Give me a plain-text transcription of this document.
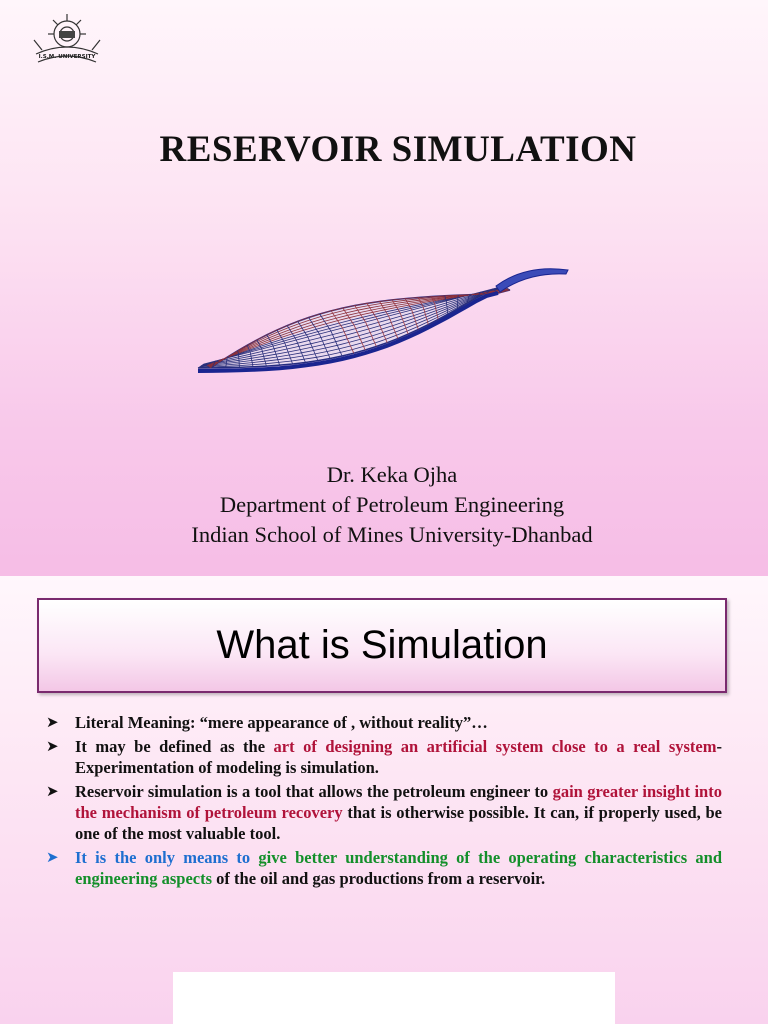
I.S.M. UNIVERSITY
RESERVOIR SIMULATION
Dr. Keka Ojha
Department of Petroleum Engineering
Indian School of Mines University-Dhanbad
What is Simulation
➤ Literal Meaning: “mere appearance of , without reality”…
➤ It may be defined as the art of designing an artificial system close to a real system- Experimentation of modeling is simulation.
➤ Reservoir simulation is a tool that allows the petroleum engineer to gain greater insight into the mechanism of petroleum recovery that is otherwise possible. It can, if properly used, be one of the most valuable tool.
➤ It is the only means to give better understanding of the operating characteristics and engineering aspects of the oil and gas productions from a reservoir.
